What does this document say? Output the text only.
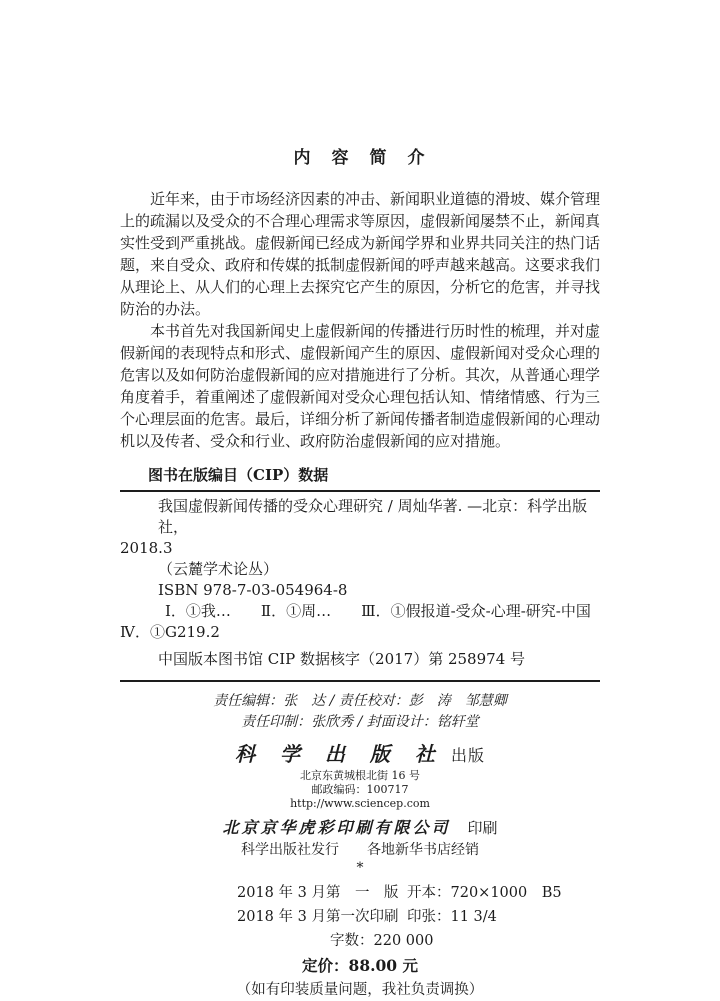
内　容　简　介

近年来，由于市场经济因素的冲击、新闻职业道德的滑坡、媒介管理上的疏漏以及受众的不合理心理需求等原因，虚假新闻屡禁不止，新闻真实性受到严重挑战。虚假新闻已经成为新闻学界和业界共同关注的热门话题，来自受众、政府和传媒的抵制虚假新闻的呼声越来越高。这要求我们从理论上、从人们的心理上去探究它产生的原因，分析它的危害，并寻找防治的办法。

本书首先对我国新闻史上虚假新闻的传播进行历时性的梳理，并对虚假新闻的表现特点和形式、虚假新闻产生的原因、虚假新闻对受众心理的危害以及如何防治虚假新闻的应对措施进行了分析。其次，从普通心理学角度着手，着重阐述了虚假新闻对受众心理包括认知、情绪情感、行为三个心理层面的危害。最后，详细分析了新闻传播者制造虚假新闻的心理动机以及传者、受众和行业、政府防治虚假新闻的应对措施。

图书在版编目（CIP）数据
我国虚假新闻传播的受众心理研究 / 周灿华著. —北京：科学出版社，
2018.3
（云麓学术论丛）
ISBN 978-7-03-054964-8
Ⅰ．①我…　　Ⅱ．①周…　　Ⅲ．①假报道-受众-心理-研究-中国
Ⅳ．①G219.2
中国版本图书馆 CIP 数据核字（2017）第 258974 号
责任编辑：张　达 / 责任校对：彭　涛　邹慧卿
责任印制：张欣秀 / 封面设计：铭轩堂
科 学 出 版 社 出版
北京东黄城根北街 16 号
邮政编码：100717
http://www.sciencep.com
北京京华虎彩印刷有限公司 印刷
科学出版社发行　　各地新华书店经销
*
2018 年 3 月第　一　版 开本：720×1000　B5
2018 年 3 月第一次印刷 印张：11 3/4
字数：220 000
定价：88.00 元
（如有印装质量问题，我社负责调换）
